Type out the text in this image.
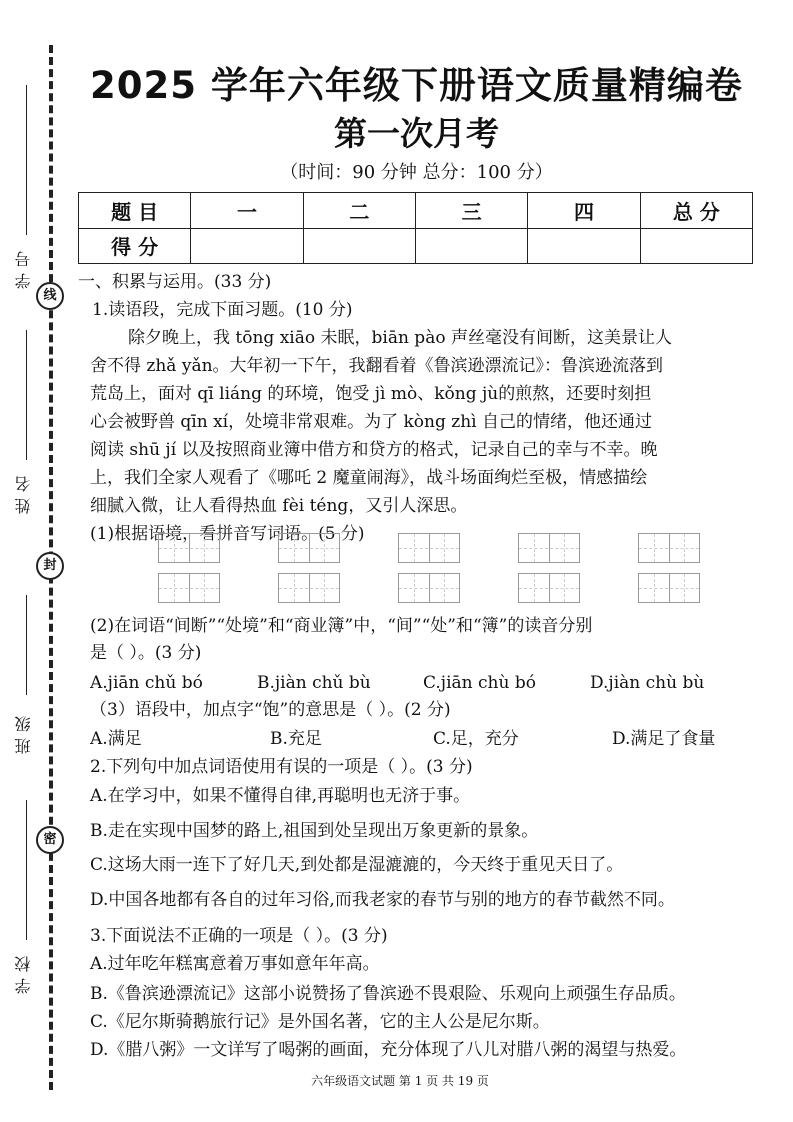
学号
线
姓名
封
班级
密
学校
2025 学年六年级下册语文质量精编卷
第一次月考
（时间：90 分钟 总分：100 分）
题 目	一	二	三	四	总 分
得 分					
一、积累与运用。(33 分)
1.读语段，完成下面习题。(10 分)
除夕晚上，我 tōng xiāo 未眠，biān pào 声丝毫没有间断，这美景让人
舍不得 zhǎ yǎn。大年初一下午，我翻看着《鲁滨逊漂流记》：鲁滨逊流落到
荒岛上，面对 qī liáng 的环境，饱受 jì mò、kǒng jù的煎熬，还要时刻担
心会被野兽 qīn xí，处境非常艰难。为了 kòng zhì 自己的情绪，他还通过
阅读 shū jí 以及按照商业簿中借方和贷方的格式，记录自己的幸与不幸。晚
上，我们全家人观看了《哪吒 2 魔童闹海》，战斗场面绚烂至极，情感描绘
细腻入微，让人看得热血 fèi téng，又引人深思。
(1)根据语境，看拼音写词语。(5 分)
(2)在词语“间断”“处境”和“商业簿”中，“间”“处”和“簿”的读音分别
是（ ）。(3 分)
A.jiān chǔ bó	B.jiàn chǔ bù	C.jiān chù bó	D.jiàn chù bù
（3）语段中，加点字“饱”的意思是（ ）。(2 分)
A.满足	B.充足	C.足，充分	D.满足了食量
2.下列句中加点词语使用有误的一项是（ ）。(3 分)
A.在学习中，如果不懂得自律,再聪明也无济于事。
B.走在实现中国梦的路上,祖国到处呈现出万象更新的景象。
C.这场大雨一连下了好几天,到处都是湿漉漉的，今天终于重见天日了。
D.中国各地都有各自的过年习俗,而我老家的春节与别的地方的春节截然不同。
3.下面说法不正确的一项是（ ）。(3 分)
A.过年吃年糕寓意着万事如意年年高。
B.《鲁滨逊漂流记》这部小说赞扬了鲁滨逊不畏艰险、乐观向上顽强生存品质。
C.《尼尔斯骑鹅旅行记》是外国名著，它的主人公是尼尔斯。
D.《腊八粥》一文详写了喝粥的画面，充分体现了八儿对腊八粥的渴望与热爱。
六年级语文试题 第 1 页 共 19 页
